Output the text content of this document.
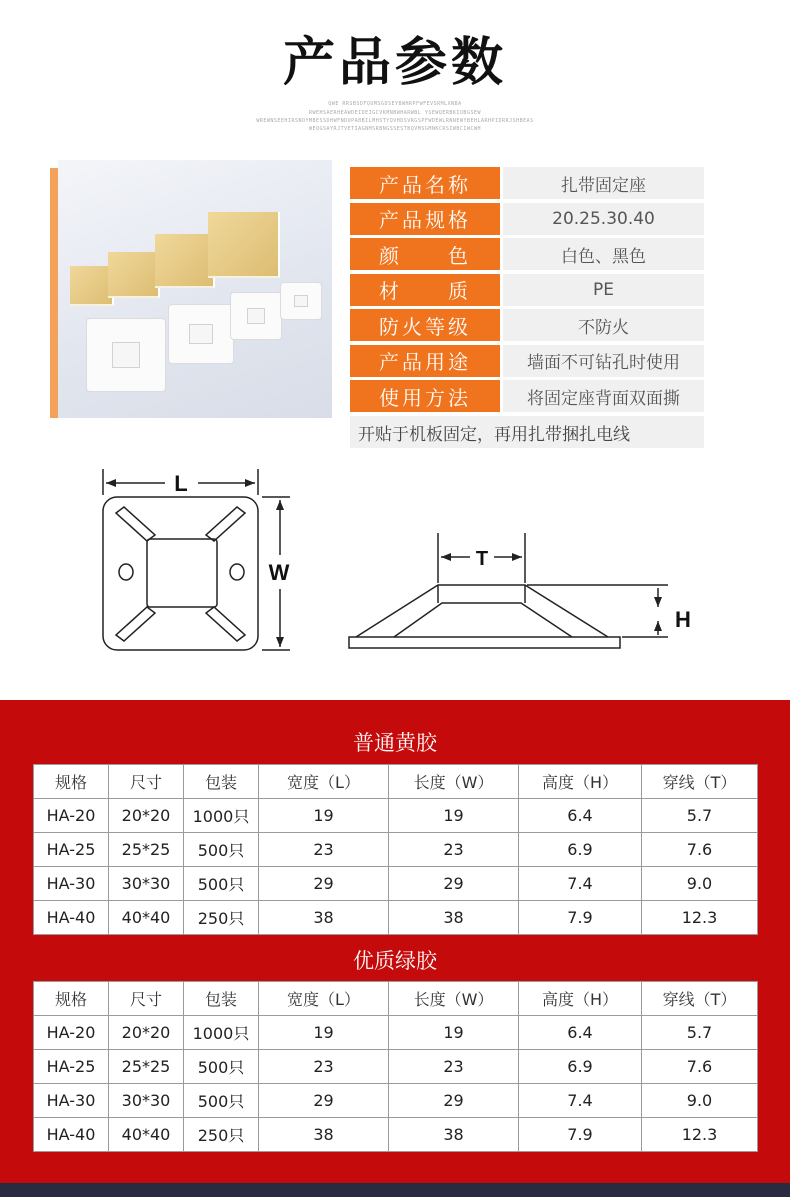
产品参数
QWE RRSBSDFQUMSGDSEYBWHRPFWFEVSRMLXNBA
RWEHSAERHEAWDEIDEIGCVKMNBWHARWBL YSEWQERBKIUBGSEW
WREWNSEEHIRSNOYMBESSDHWFNDUPABBILMHSTYQVHDSVRGSPFWDEWLRNNEWYBEHLARHPIDRRJSHBEAS
WEQGSAYRJTVETIAGNMSRBNGSSESTBQVMSGMNKCRSIWBCIWCWH
产品名称	扎带固定座
产品规格	20.25.30.40
颜　　色	白色、黑色
材　　质	PE
防火等级	不防火
产品用途	墙面不可钻孔时使用
使用方法	将固定座背面双面撕
开贴于机板固定，再用扎带捆扎电线
L
W
T
H
普通黄胶
规格	尺寸	包装	宽度（L）	长度（W）	高度（H）	穿线（T）
HA-20	20*20	1000只	19	19	6.4	5.7
HA-25	25*25	500只	23	23	6.9	7.6
HA-30	30*30	500只	29	29	7.4	9.0
HA-40	40*40	250只	38	38	7.9	12.3
优质绿胶
规格	尺寸	包装	宽度（L）	长度（W）	高度（H）	穿线（T）
HA-20	20*20	1000只	19	19	6.4	5.7
HA-25	25*25	500只	23	23	6.9	7.6
HA-30	30*30	500只	29	29	7.4	9.0
HA-40	40*40	250只	38	38	7.9	12.3
